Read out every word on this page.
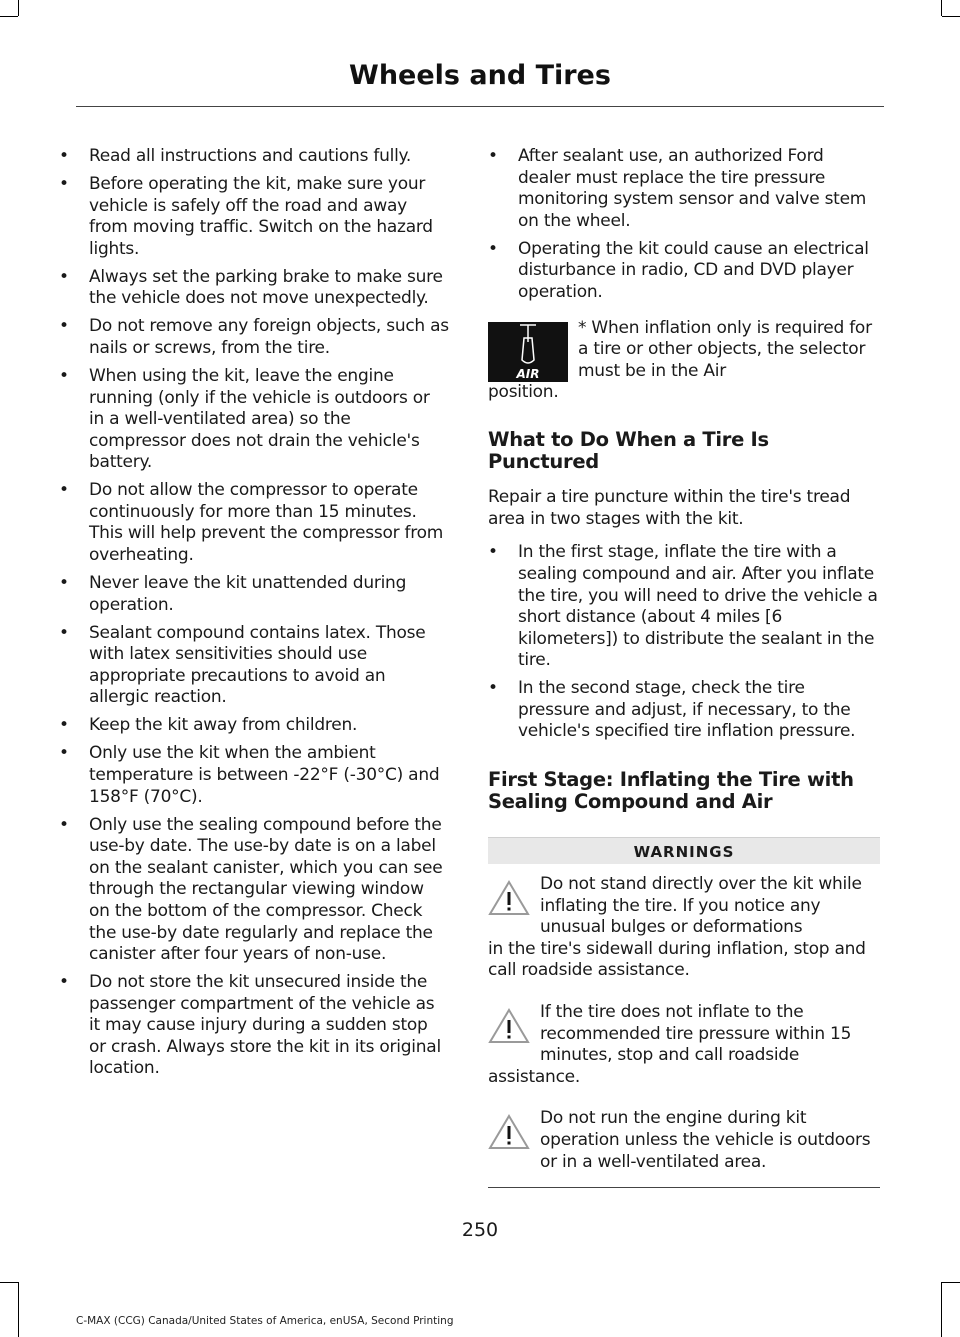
Wheels and Tires
• Read all instructions and cautions fully.
• Before operating the kit, make sure your vehicle is safely off the road and away from moving traffic. Switch on the hazard lights.
• Always set the parking brake to make sure the vehicle does not move unexpectedly.
• Do not remove any foreign objects, such as nails or screws, from the tire.
• When using the kit, leave the engine running (only if the vehicle is outdoors or in a well-ventilated area) so the compressor does not drain the vehicle's battery.
• Do not allow the compressor to operate continuously for more than 15 minutes. This will help prevent the compressor from overheating.
• Never leave the kit unattended during operation.
• Sealant compound contains latex. Those with latex sensitivities should use appropriate precautions to avoid an allergic reaction.
• Keep the kit away from children.
• Only use the kit when the ambient temperature is between -22°F (-30°C) and 158°F (70°C).
• Only use the sealing compound before the use-by date. The use-by date is on a label on the sealant canister, which you can see through the rectangular viewing window on the bottom of the compressor. Check the use-by date regularly and replace the canister after four years of non-use.
• Do not store the kit unsecured inside the passenger compartment of the vehicle as it may cause injury during a sudden stop or crash. Always store the kit in its original location.
• After sealant use, an authorized Ford dealer must replace the tire pressure monitoring system sensor and valve stem on the wheel.
• Operating the kit could cause an electrical disturbance in radio, CD and DVD player operation.
AIR
* When inflation only is required for a tire or other objects, the selector must be in the Air
position.
What to Do When a Tire Is Punctured

Repair a tire puncture within the tire's tread area in two stages with the kit.

• In the first stage, inflate the tire with a sealing compound and air. After you inflate the tire, you will need to drive the vehicle a short distance (about 4 miles [6 kilometers]) to distribute the sealant in the tire.
• In the second stage, check the tire pressure and adjust, if necessary, to the vehicle's specified tire inflation pressure.
First Stage: Inflating the Tire with Sealing Compound and Air
WARNINGS
Do not stand directly over the kit while inflating the tire. If you notice any unusual bulges or deformations
in the tire's sidewall during inflation, stop and call roadside assistance.
If the tire does not inflate to the recommended tire pressure within 15 minutes, stop and call roadside
assistance.
Do not run the engine during kit operation unless the vehicle is outdoors or in a well-ventilated area.
250
C-MAX (CCG) Canada/United States of America, enUSA, Second Printing
